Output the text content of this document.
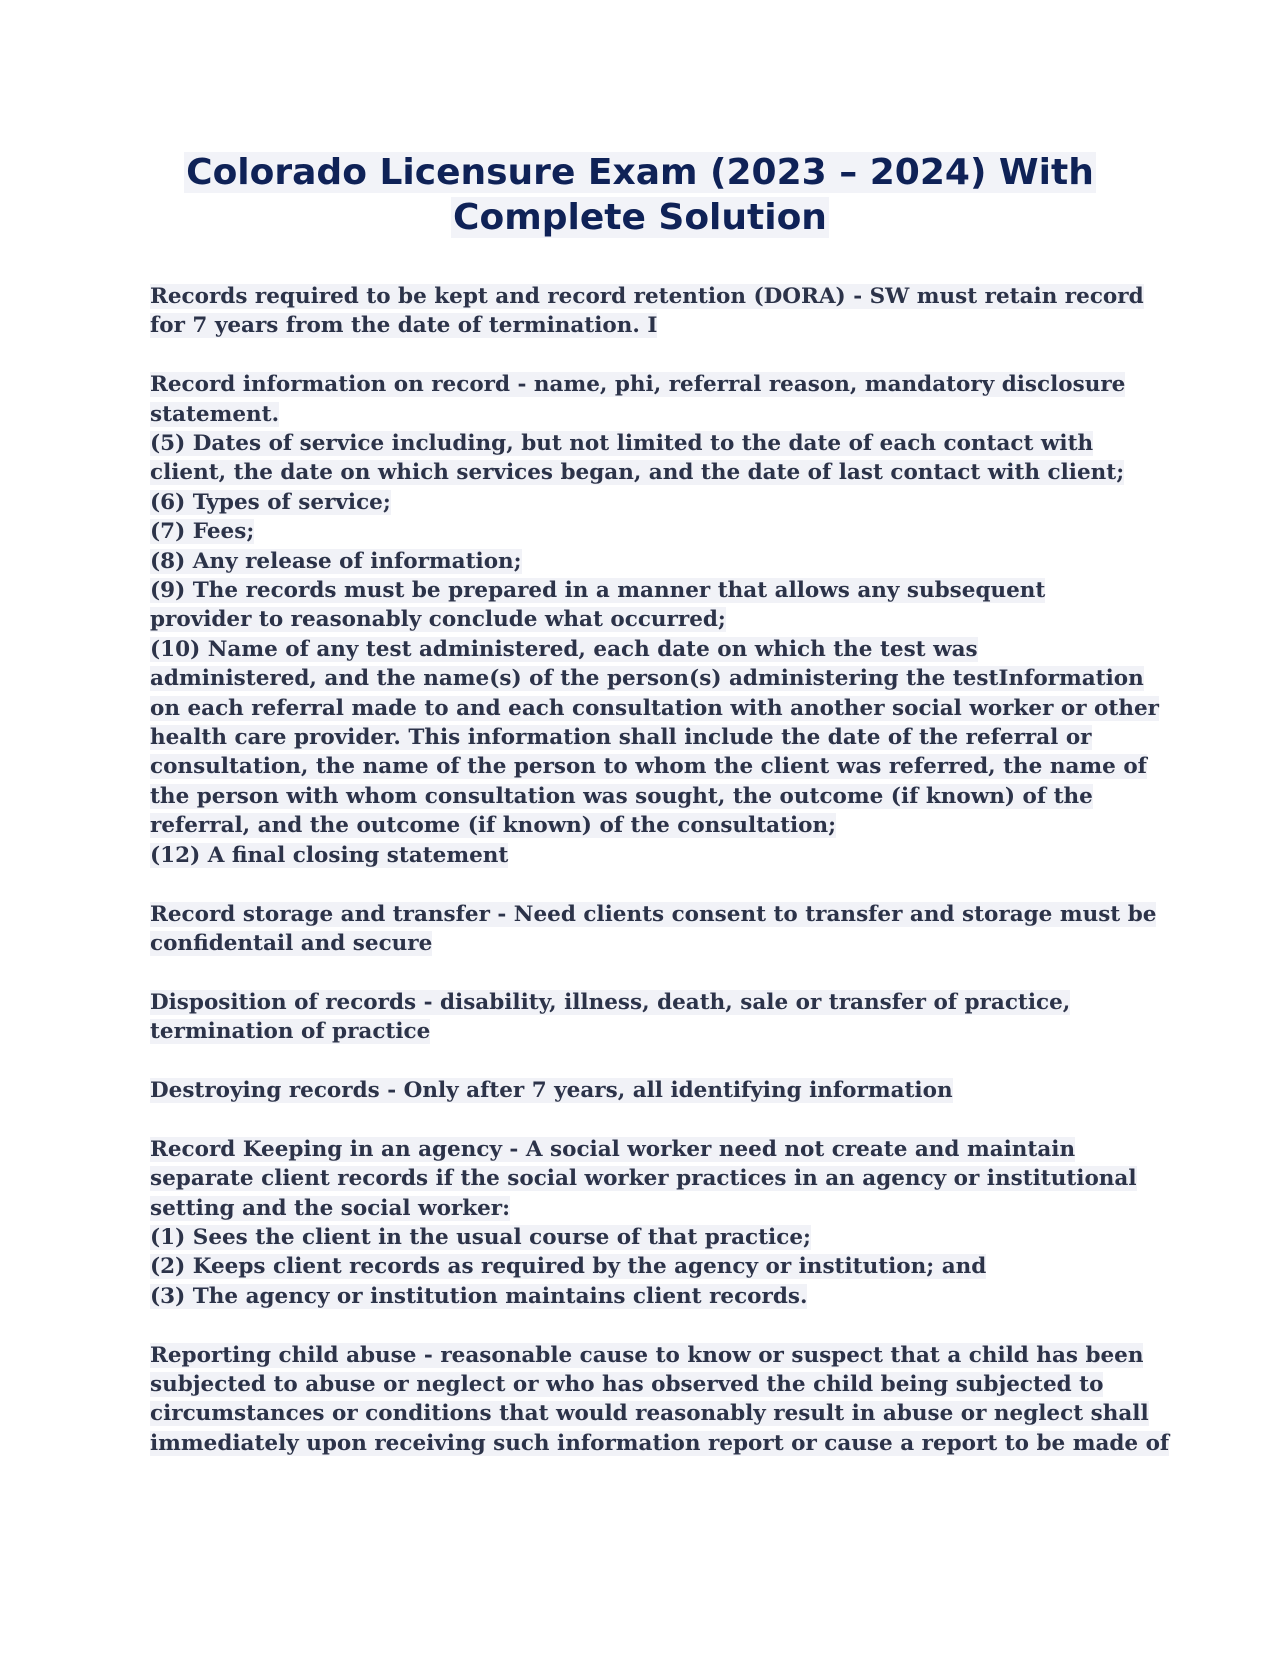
Colorado Licensure Exam (2023 – 2024) With
Complete Solution
Records required to be kept and record retention (DORA) - SW must retain record
for 7 years from the date of termination. I
Record information on record - name, phi, referral reason, mandatory disclosure
statement.
(5) Dates of service including, but not limited to the date of each contact with
client, the date on which services began, and the date of last contact with client;
(6) Types of service;
(7) Fees;
(8) Any release of information;
(9) The records must be prepared in a manner that allows any subsequent
provider to reasonably conclude what occurred;
(10) Name of any test administered, each date on which the test was
administered, and the name(s) of the person(s) administering the testInformation
on each referral made to and each consultation with another social worker or other
health care provider. This information shall include the date of the referral or
consultation, the name of the person to whom the client was referred, the name of
the person with whom consultation was sought, the outcome (if known) of the
referral, and the outcome (if known) of the consultation;
(12) A final closing statement
Record storage and transfer - Need clients consent to transfer and storage must be
confidentail and secure
Disposition of records - disability, illness, death, sale or transfer of practice,
termination of practice
Destroying records - Only after 7 years, all identifying information
Record Keeping in an agency - A social worker need not create and maintain
separate client records if the social worker practices in an agency or institutional
setting and the social worker:
(1) Sees the client in the usual course of that practice;
(2) Keeps client records as required by the agency or institution; and
(3) The agency or institution maintains client records.
Reporting child abuse - reasonable cause to know or suspect that a child has been
subjected to abuse or neglect or who has observed the child being subjected to
circumstances or conditions that would reasonably result in abuse or neglect shall
immediately upon receiving such information report or cause a report to be made of
